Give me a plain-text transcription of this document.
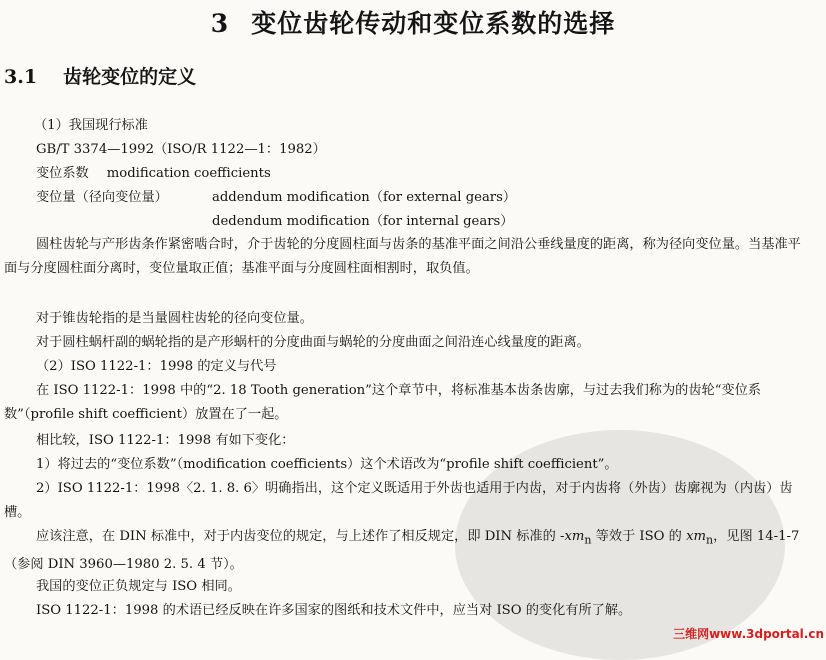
3 变位齿轮传动和变位系数的选择
3.1 齿轮变位的定义
（1）我国现行标准
GB/T 3374—1992（ISO/R 1122—1：1982）
变位系数 modification coefficients
变位量（径向变位量）	addendum modification（for external gears）
dedendum modification（for internal gears）
圆柱齿轮与产形齿条作紧密啮合时，介于齿轮的分度圆柱面与齿条的基准平面之间沿公垂线量度的距离，称为径向变位量。当基准平面与分度圆柱面分离时，变位量取正值；基准平面与分度圆柱面相割时，取负值。
对于锥齿轮指的是当量圆柱齿轮的径向变位量。
对于圆柱蜗杆副的蜗轮指的是产形蜗杆的分度曲面与蜗轮的分度曲面之间沿连心线量度的距离。
（2）ISO 1122-1：1998 的定义与代号
在 ISO 1122-1：1998 中的“2. 18 Tooth generation”这个章节中，将标准基本齿条齿廓，与过去我们称为的齿轮“变位系数”（profile shift coefficient）放置在了一起。
相比较，ISO 1122-1：1998 有如下变化：
1）将过去的“变位系数”（modification coefficients）这个术语改为“profile shift coefficient”。
2）ISO 1122-1：1998〈2. 1. 8. 6〉明确指出，这个定义既适用于外齿也适用于内齿，对于内齿将（外齿）齿廓视为（内齿）齿槽。
应该注意，在 DIN 标准中，对于内齿变位的规定，与上述作了相反规定，即 DIN 标准的 $-xm_n$ 等效于 ISO 的 $xm_n$，见图 14-1-7（参阅 DIN 3960—1980 2. 5. 4 节）。
我国的变位正负规定与 ISO 相同。
ISO 1122-1：1998 的术语已经反映在许多国家的图纸和技术文件中，应当对 ISO 的变化有所了解。
三维网www.3dportal.cn
